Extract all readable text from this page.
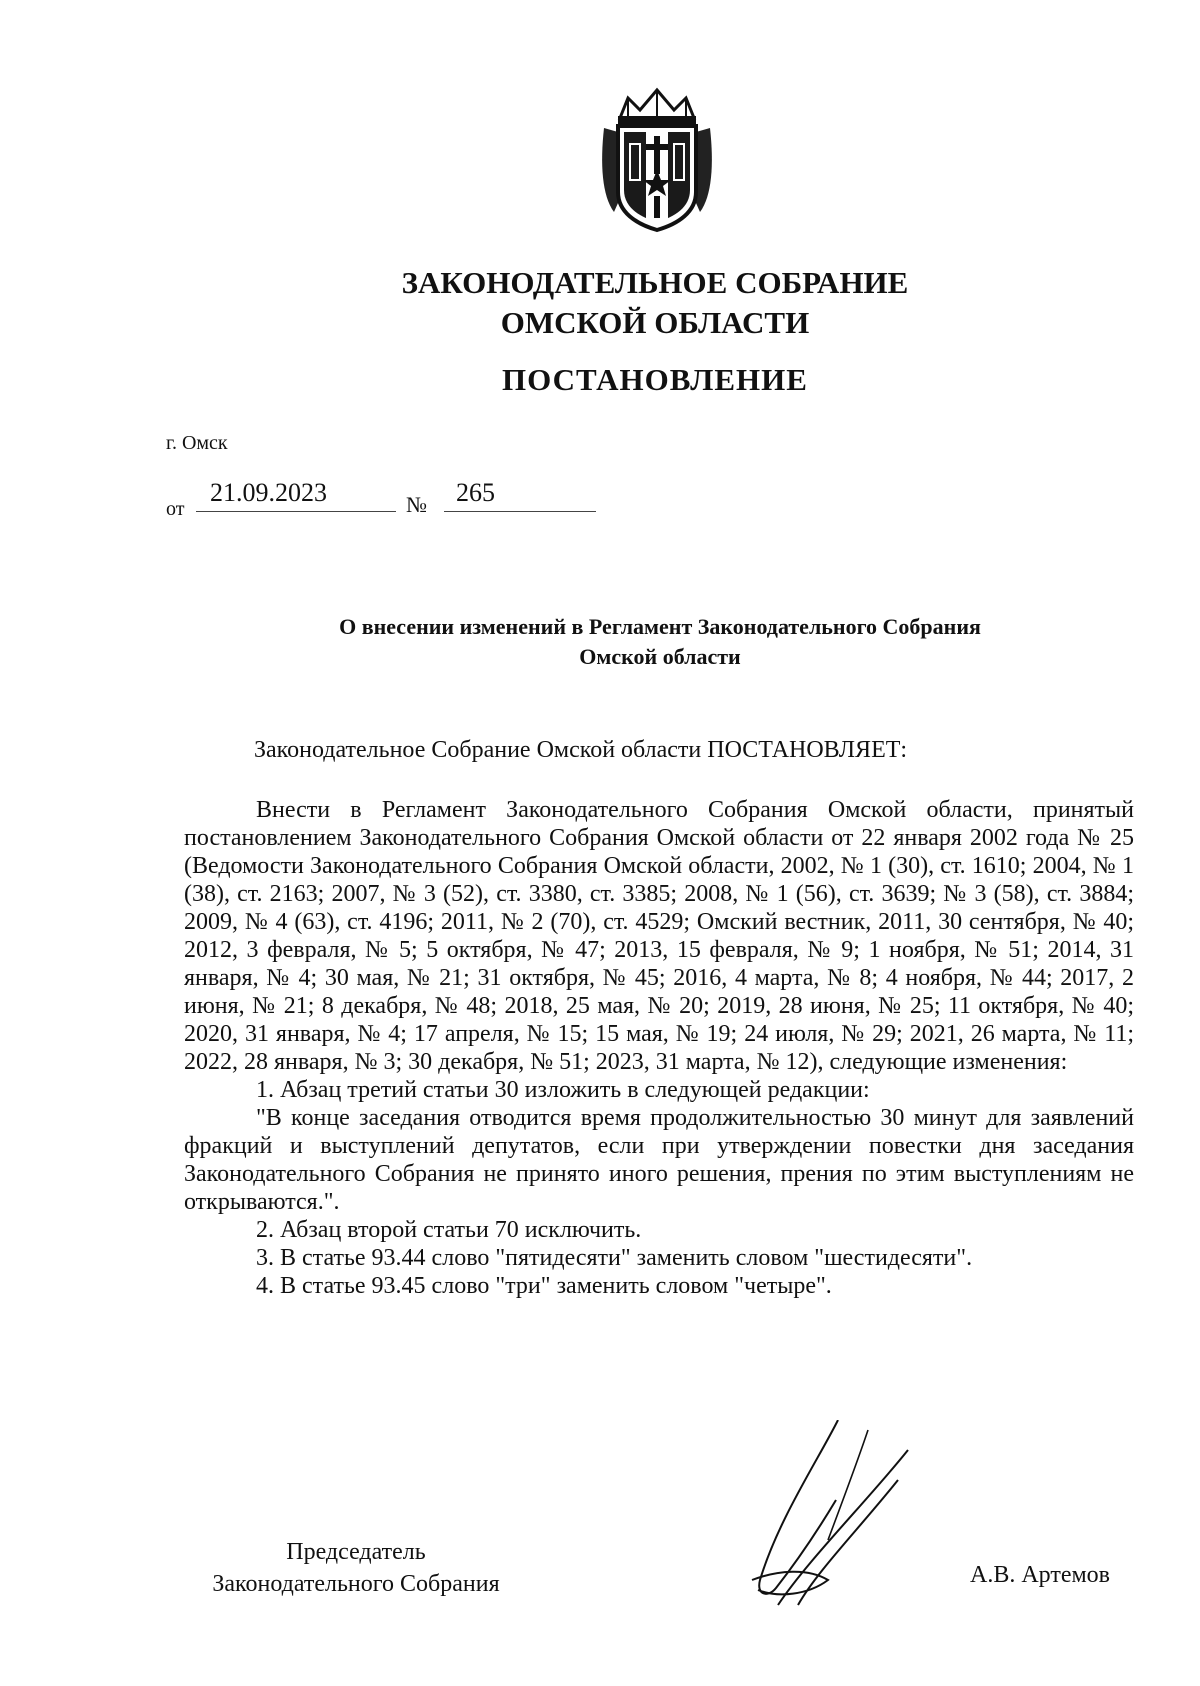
ЗАКОНОДАТЕЛЬНОЕ СОБРАНИЕ
ОМСКОЙ ОБЛАСТИ
ПОСТАНОВЛЕНИЕ
г. Омск
от
21.09.2023	№ 265
О внесении изменений в Регламент Законодательного Собрания
Омской области
Законодательное Собрание Омской области ПОСТАНОВЛЯЕТ:

Внести в Регламент Законодательного Собрания Омской области, принятый постановлением Законодательного Собрания Омской области от 22 января 2002 года № 25 (Ведомости Законодательного Собрания Омской области, 2002, № 1 (30), ст. 1610; 2004, № 1 (38), ст. 2163; 2007, № 3 (52), ст. 3380, ст. 3385; 2008, № 1 (56), ст. 3639; № 3 (58), ст. 3884; 2009, № 4 (63), ст. 4196; 2011, № 2 (70), ст. 4529; Омский вестник, 2011, 30 сентября, № 40; 2012, 3 февраля, № 5; 5 октября, № 47; 2013, 15 февраля, № 9; 1 ноября, № 51; 2014, 31 января, № 4; 30 мая, № 21; 31 октября, № 45; 2016, 4 марта, № 8; 4 ноября, № 44; 2017, 2 июня, № 21; 8 декабря, № 48; 2018, 25 мая, № 20; 2019, 28 июня, № 25; 11 октября, № 40; 2020, 31 января, № 4; 17 апреля, № 15; 15 мая, № 19; 24 июля, № 29; 2021, 26 марта, № 11; 2022, 28 января, № 3; 30 декабря, № 51; 2023, 31 марта, № 12), следующие изменения:

1. Абзац третий статьи 30 изложить в следующей редакции:

"В конце заседания отводится время продолжительностью 30 минут для заявлений фракций и выступлений депутатов, если при утверждении повестки дня заседания Законодательного Собрания не принято иного решения, прения по этим выступлениям не открываются.".

2. Абзац второй статьи 70 исключить.

3. В статье 93.44 слово "пятидесяти" заменить словом "шестидесяти".

4. В статье 93.45 слово "три" заменить словом "четыре".

Председатель
Законодательного Собрания	А.В. Артемов
